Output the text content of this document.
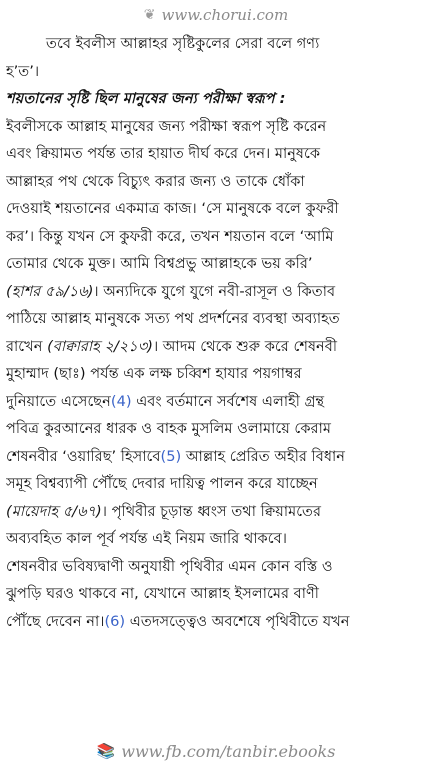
❦ www.chorui.com
তবে ইবলীস আল্লাহর সৃষ্টিকুলের সেরা বলে গণ্য
হ’ত’।
শয়তানের সৃষ্টি ছিল মানুষের জন্য পরীক্ষা স্বরূপ :
ইবলীসকে আল্লাহ মানুষের জন্য পরীক্ষা স্বরূপ সৃষ্টি করেন
এবং ক্বিয়ামত পর্যন্ত তার হায়াত দীর্ঘ করে দেন। মানুষকে
আল্লাহর পথ থেকে বিচ্যুৎ করার জন্য ও তাকে ধোঁকা
দেওয়াই শয়তানের একমাত্র কাজ। ‘সে মানুষকে বলে কুফরী
কর’। কিন্তু যখন সে কুফরী করে, তখন শয়তান বলে ‘আমি
তোমার থেকে মুক্ত। আমি বিশ্বপ্রভু আল্লাহকে ভয় করি’
(হাশর ৫৯/১৬)। অন্যদিকে যুগে যুগে নবী-রাসূল ও কিতাব
পাঠিয়ে আল্লাহ মানুষকে সত্য পথ প্রদর্শনের ব্যবস্থা অব্যাহত
রাখেন (বাক্বারাহ ২/২১৩)। আদম থেকে শুরু করে শেষনবী
মুহাম্মাদ (ছাঃ) পর্যন্ত এক লক্ষ চব্বিশ হাযার পয়গাম্বর
দুনিয়াতে এসেছেন(4) এবং বর্তমানে সর্বশেষ এলাহী গ্রন্থ
পবিত্র কুরআনের ধারক ও বাহক মুসলিম ওলামায়ে কেরাম
শেষনবীর ‘ওয়ারিছ’ হিসাবে(5) আল্লাহ প্রেরিত অহীর বিধান
সমূহ বিশ্বব্যাপী পৌঁছে দেবার দায়িত্ব পালন করে যাচ্ছেন
(মায়েদাহ ৫/৬৭)। পৃথিবীর চূড়ান্ত ধ্বংস তথা ক্বিয়ামতের
অব্যবহিত কাল পূর্ব পর্যন্ত এই নিয়ম জারি থাকবে।
শেষনবীর ভবিষ্যদ্বাণী অনুযায়ী পৃথিবীর এমন কোন বস্তি ও
ঝুপড়ি ঘরও থাকবে না, যেখানে আল্লাহ ইসলামের বাণী
পৌঁছে দেবেন না।(6) এতদসত্ত্বেও অবশেষে পৃথিবীতে যখন
📚 www.fb.com/tanbir.ebooks
